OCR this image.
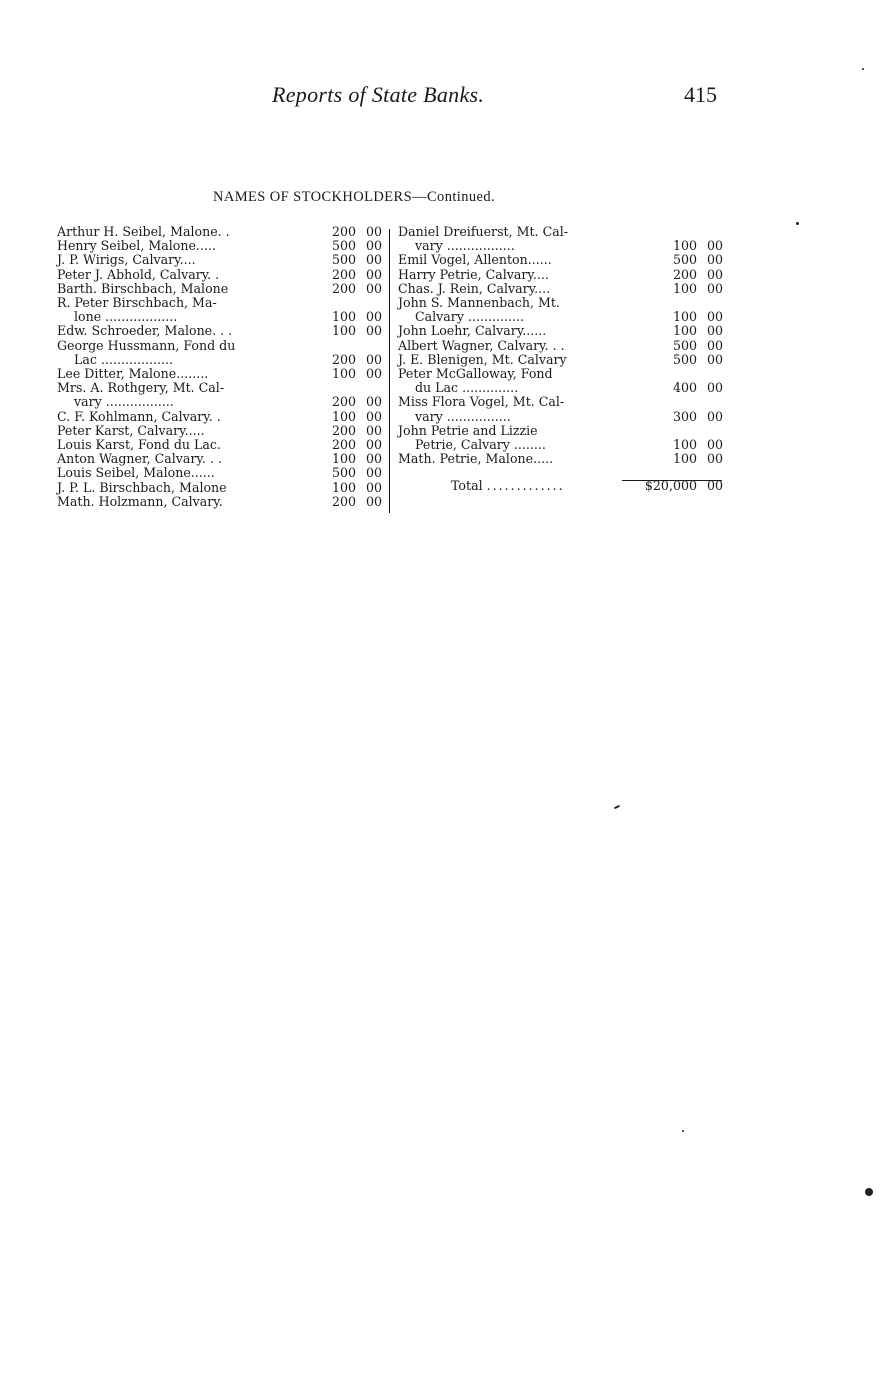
Reports of State Banks.	415
NAMES OF STOCKHOLDERS—Continued.
Arthur H. Seibel, Malone. .	200 00
Henry Seibel, Malone.....	500 00
J. P. Wirigs, Calvary....	500 00
Peter J. Abhold, Calvary. .	200 00
Barth. Birschbach, Malone	200 00
R. Peter Birschbach, Ma-
lone ..................	100 00
Edw. Schroeder, Malone. . .	100 00
George Hussmann, Fond du
Lac ..................	200 00
Lee Ditter, Malone........	100 00
Mrs. A. Rothgery, Mt. Cal-
vary .................	200 00
C. F. Kohlmann, Calvary. .	100 00
Peter Karst, Calvary.....	200 00
Louis Karst, Fond du Lac.	200 00
Anton Wagner, Calvary. . .	100 00
Louis Seibel, Malone......	500 00
J. P. L. Birschbach, Malone	100 00
Math. Holzmann, Calvary.	200 00
Daniel Dreifuerst, Mt. Cal-
vary .................	100 00
Emil Vogel, Allenton......	500 00
Harry Petrie, Calvary....	200 00
Chas. J. Rein, Calvary....	100 00
John S. Mannenbach, Mt.
Calvary ..............	100 00
John Loehr, Calvary......	100 00
Albert Wagner, Calvary. . .	500 00
J. E. Blenigen, Mt. Calvary	500 00
Peter McGalloway, Fond
du Lac ..............	400 00
Miss Flora Vogel, Mt. Cal-
vary ................	300 00
John Petrie and Lizzie
Petrie, Calvary ........	100 00
Math. Petrie, Malone.....	100 00
Total .............	$20,000 00
